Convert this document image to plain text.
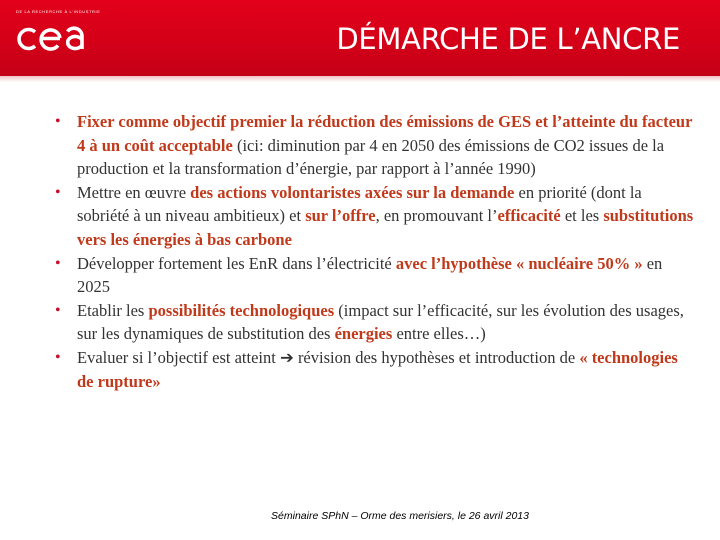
DE LA RECHERCHE À L’INDUSTRIE
DÉMARCHE DE L’ANCRE
• Fixer comme objectif premier la réduction des émissions de GES et l’atteinte du facteur 4 à un coût acceptable (ici: diminution par 4 en 2050 des émissions de CO2 issues de la production et la transformation d’énergie, par rapport à l’année 1990)
• Mettre en œuvre des actions volontaristes axées sur la demande en priorité (dont la sobriété à un niveau ambitieux) et sur l’offre, en promouvant l’efficacité et les substitutions vers les énergies à bas carbone
• Développer fortement les EnR dans l’électricité avec l’hypothèse « nucléaire 50% » en 2025
• Etablir les possibilités technologiques (impact sur l’efficacité, sur les évolution des usages, sur les dynamiques de substitution des énergies entre elles…)
• Evaluer si l’objectif est atteint ➔ révision des hypothèses et introduction de « technologies de rupture»
Séminaire SPhN – Orme des merisiers, le 26 avril 2013
